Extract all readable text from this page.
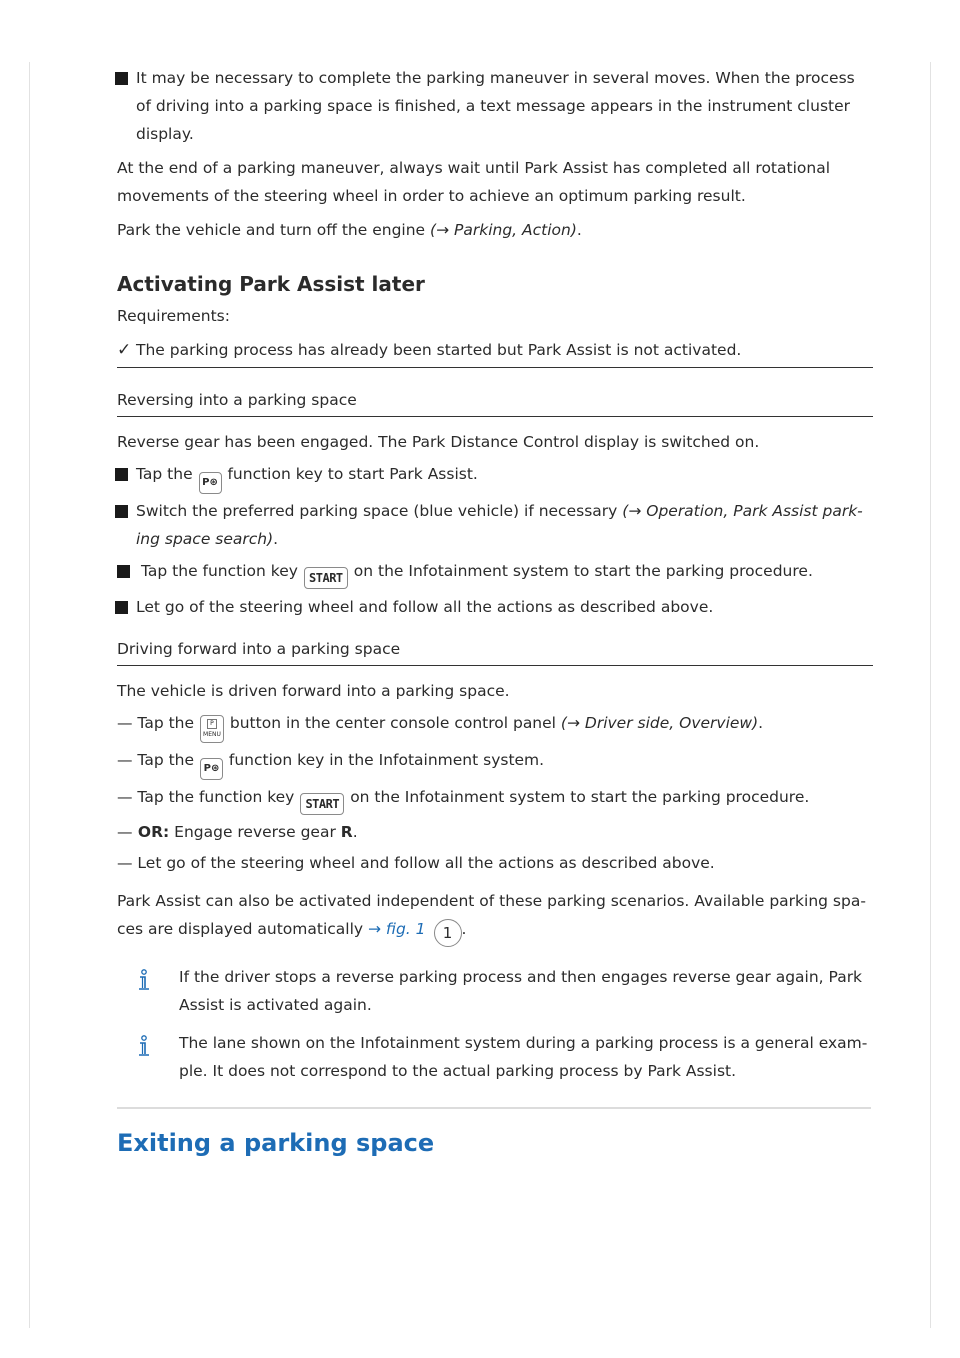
It may be necessary to complete the parking maneuver in several moves. When the process of driving into a parking space is finished, a text message appears in the instrument cluster display.

At the end of a parking maneuver, always wait until Park Assist has completed all rotational movements of the steering wheel in order to achieve an optimum parking result.

Park the vehicle and turn off the engine (→ Parking, Action).

Activating Park Assist later

Requirements:

✓ The parking process has already been started but Park Assist is not activated.

Reversing into a parking space

Reverse gear has been engaged. The Park Distance Control display is switched on.

Tap the P⊛ function key to start Park Assist.
Switch the preferred parking space (blue vehicle) if necessary (→ Operation, Park Assist park-ing space search).
Tap the function key START on the Infotainment system to start the parking procedure.
Let go of the steering wheel and follow all the actions as described above.

Driving forward into a parking space

The vehicle is driven forward into a parking space.

— Tap the	P
MENU button in the center console control panel (→ Driver side, Overview).

— Tap the P⊛ function key in the Infotainment system.

— Tap the function key START on the Infotainment system to start the parking procedure.

— OR: Engage reverse gear R.

— Let go of the steering wheel and follow all the actions as described above.

Park Assist can also be activated independent of these parking scenarios. Available parking spa-ces are displayed automatically → fig. 1 1 .

If the driver stops a reverse parking process and then engages reverse gear again, Park Assist is activated again.
The lane shown on the Infotainment system during a parking process is a general exam-ple. It does not correspond to the actual parking process by Park Assist.
Exiting a parking space
